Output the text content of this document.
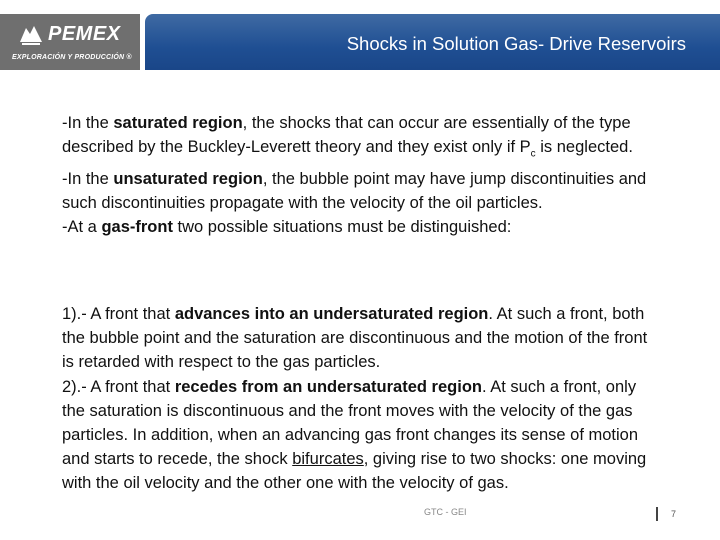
PEMEX
EXPLORACIÓN Y PRODUCCIÓN ®
Shocks in Solution Gas- Drive Reservoirs

-In the saturated region, the shocks that can occur are essentially of the type described by the Buckley-Leverett theory and they exist only if $P_c$ is neglected.

-In the unsaturated region, the bubble point may have jump discontinuities and such discontinuities propagate with the velocity of the oil particles.

-At a gas-front two possible situations must be distinguished:

1).- A front that advances into an undersaturated region. At such a front, both the bubble point and the saturation are discontinuous and the motion of the front is retarded with respect to the gas particles.

2).- A front that recedes from an undersaturated region. At such a front, only the saturation is discontinuous and the front moves with the velocity of the gas particles. In addition, when an advancing gas front changes its sense of motion and starts to recede, the shock bifurcates, giving rise to two shocks: one moving with the oil velocity and the other one with the velocity of gas.

GTC - GEI	7
